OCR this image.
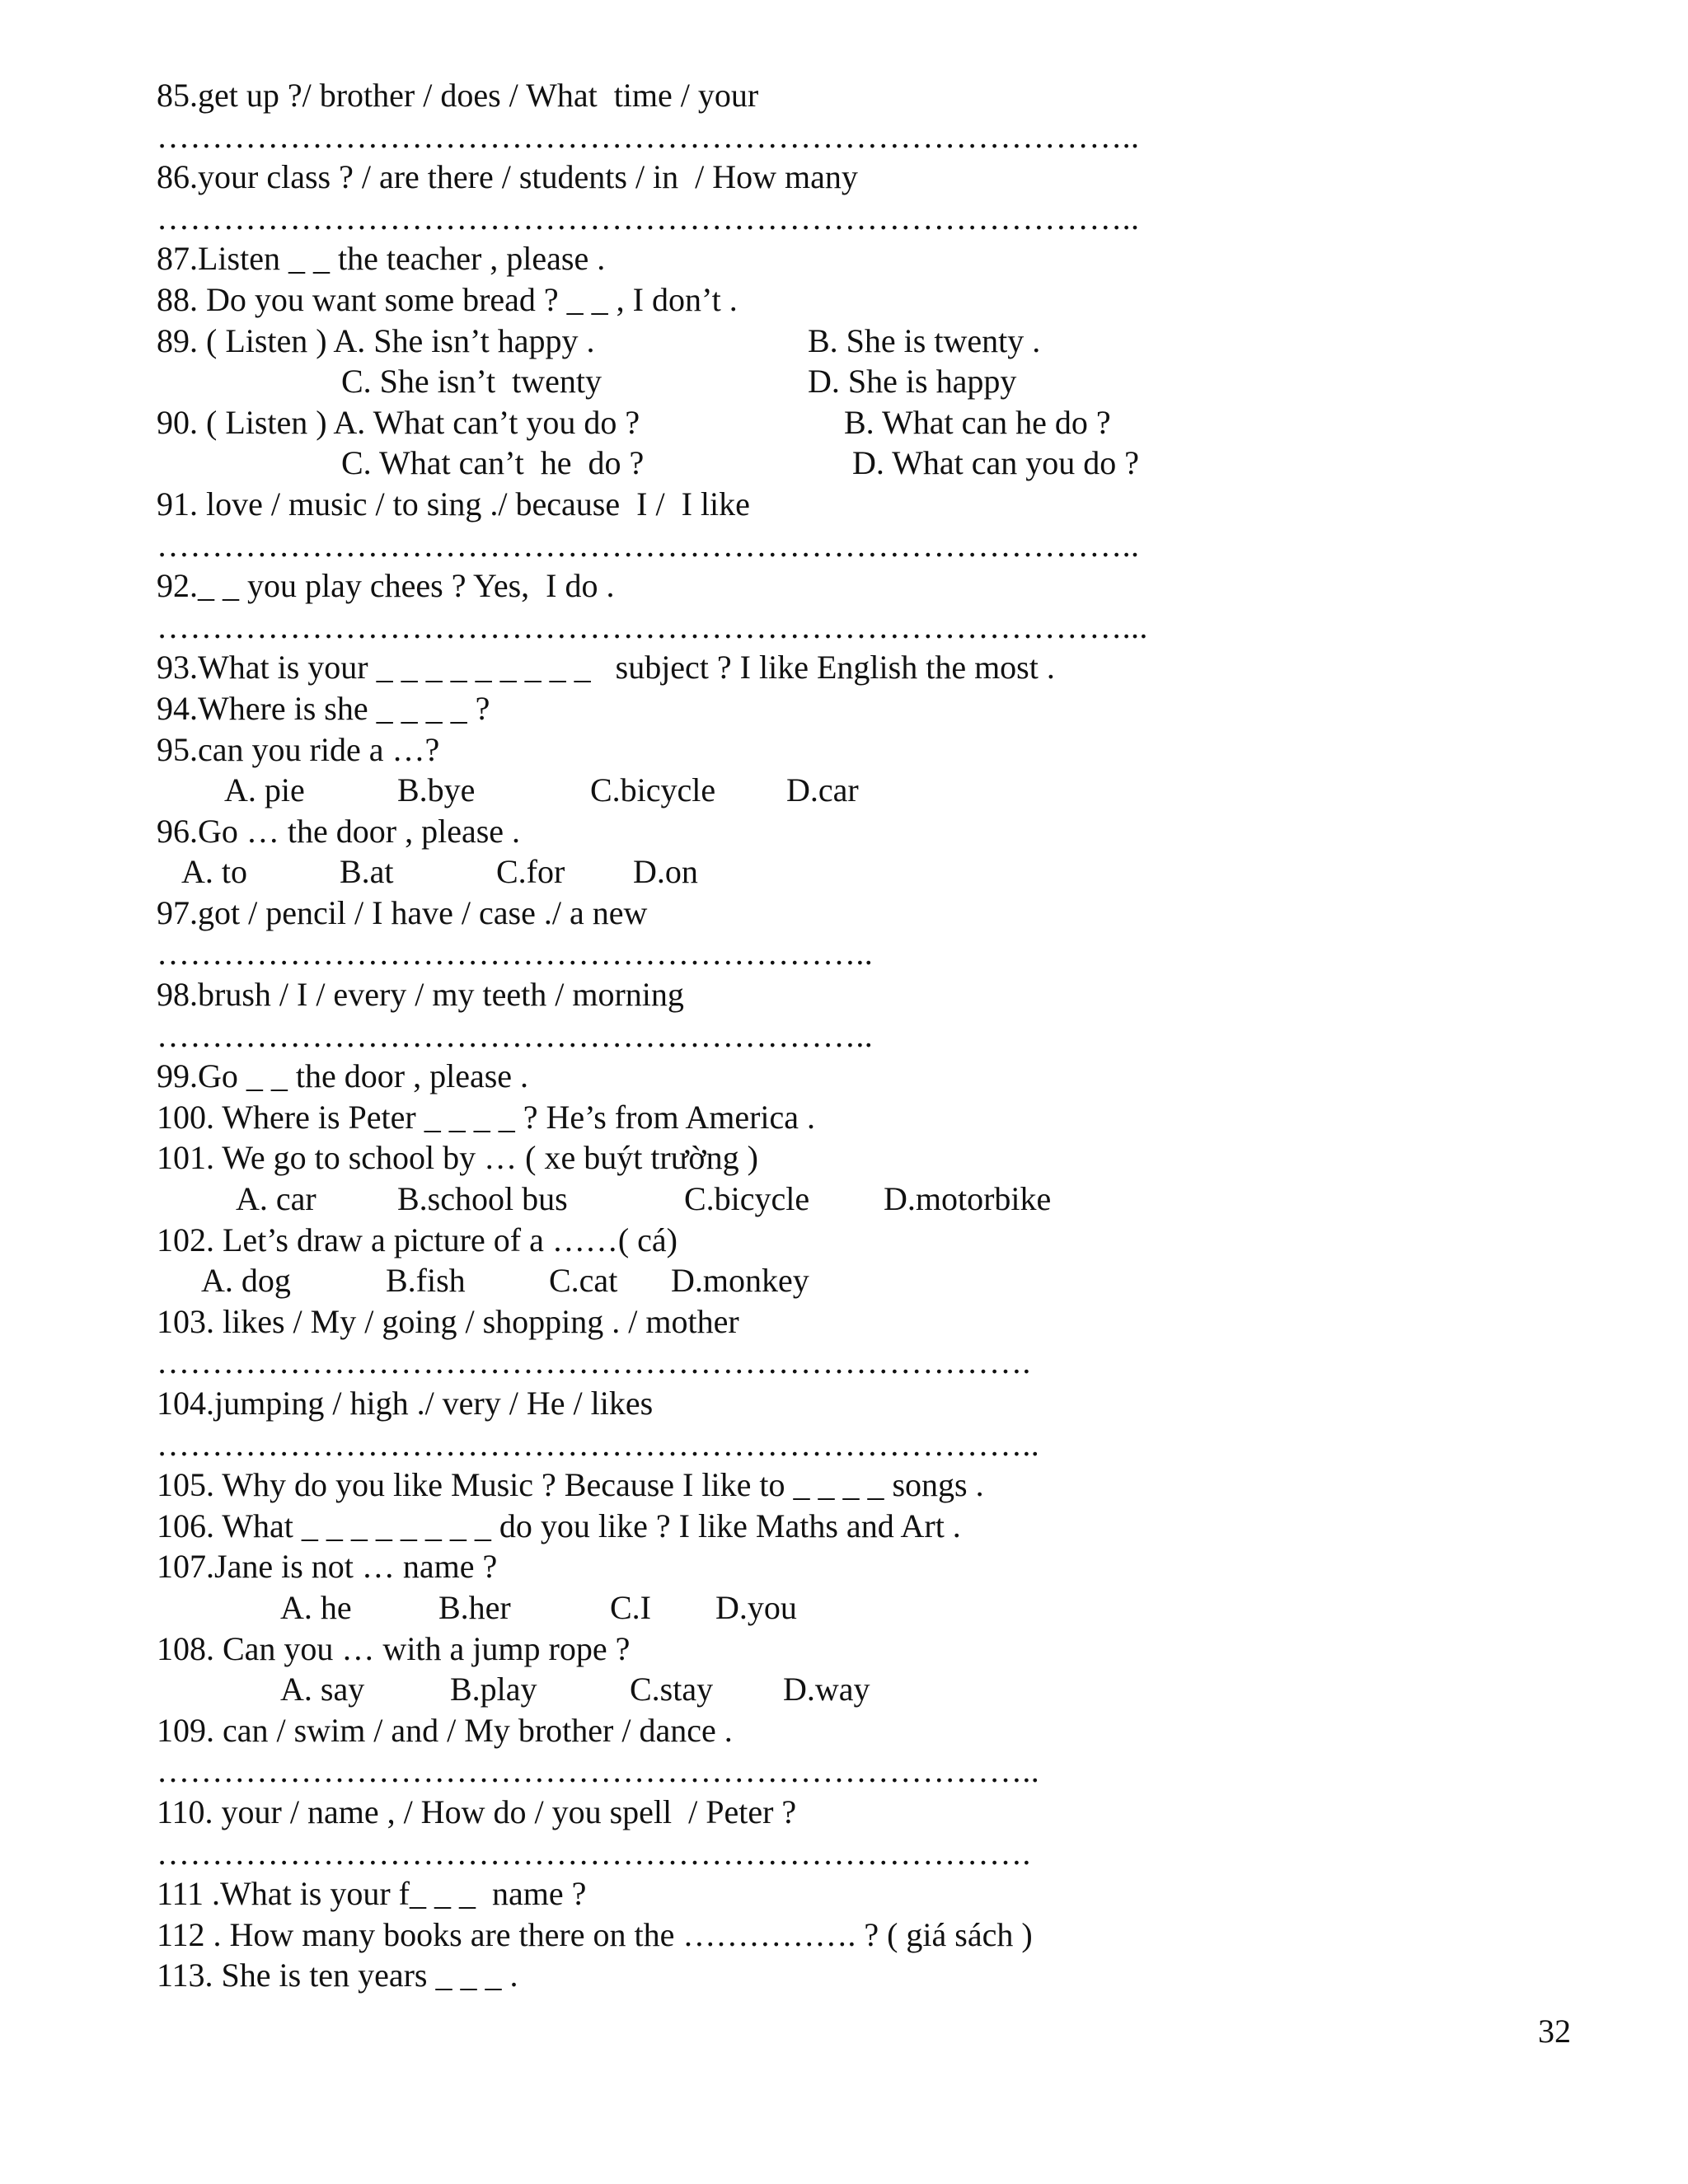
85.get up ?/ brother / does / What  time / your
……………………………………………………………………………..
86.your class ? / are there / students / in  / How many
……………………………………………………………………………..
87.Listen _ _ the teacher , please .
88. Do you want some bread ? _ _ , I don’t .

89. ( Listen ) A. She isn’t happy .

	B. She is twenty .

C. She isn’t  twenty

	D. She is happy

90. ( Listen ) A. What can’t you do ?

	B. What can he do ?

C. What can’t  he  do ?

	D. What can you do ?

91. love / music / to sing ./ because  I /  I like
……………………………………………………………………………..
92._ _ you play chees ? Yes,  I do .
……………………………………………………………………………...
93.What is your _ _ _ _ _ _ _ _ _   subject ? I like English the most .
94.Where is she _ _ _ _ ?
95.can you ride a …?

A. pie

	B.bye

	C.bicycle

D.car

96.Go … the door , please .

A. to

	B.at

	C.for

D.on

97.got / pencil / I have / case ./ a new
………………………………………………………..
98.brush / I / every / my teeth / morning
………………………………………………………..
99.Go _ _ the door , please .
100. Where is Peter _ _ _ _ ? He’s from America .
101. We go to school by … ( xe buýt trường )

A. car

B.school bus

	C.bicycle

D.motorbike

102. Let’s draw a picture of a ……( cá)

A. dog

	B.fish

	C.cat

D.monkey

103. likes / My / going / shopping . / mother
…………………………………………………………………….
104.jumping / high ./ very / He / likes
……………………………………………………………………..
105. Why do you like Music ? Because I like to _ _ _ _ songs .
106. What _ _ _ _ _ _ _ _ do you like ? I like Maths and Art .
107.Jane is not … name ?

A. he

	B.her

	C.I

D.you

108. Can you … with a jump rope ?

A. say

	B.play

	C.stay

D.way

109. can / swim / and / My brother / dance .
……………………………………………………………………..
110. your / name , / How do / you spell  / Peter ?
…………………………………………………………………….
111 .What is your f_ _ _  name ?
112 . How many books are there on the ……………. ? ( giá sách )
113. She is ten years _ _ _ .
32
